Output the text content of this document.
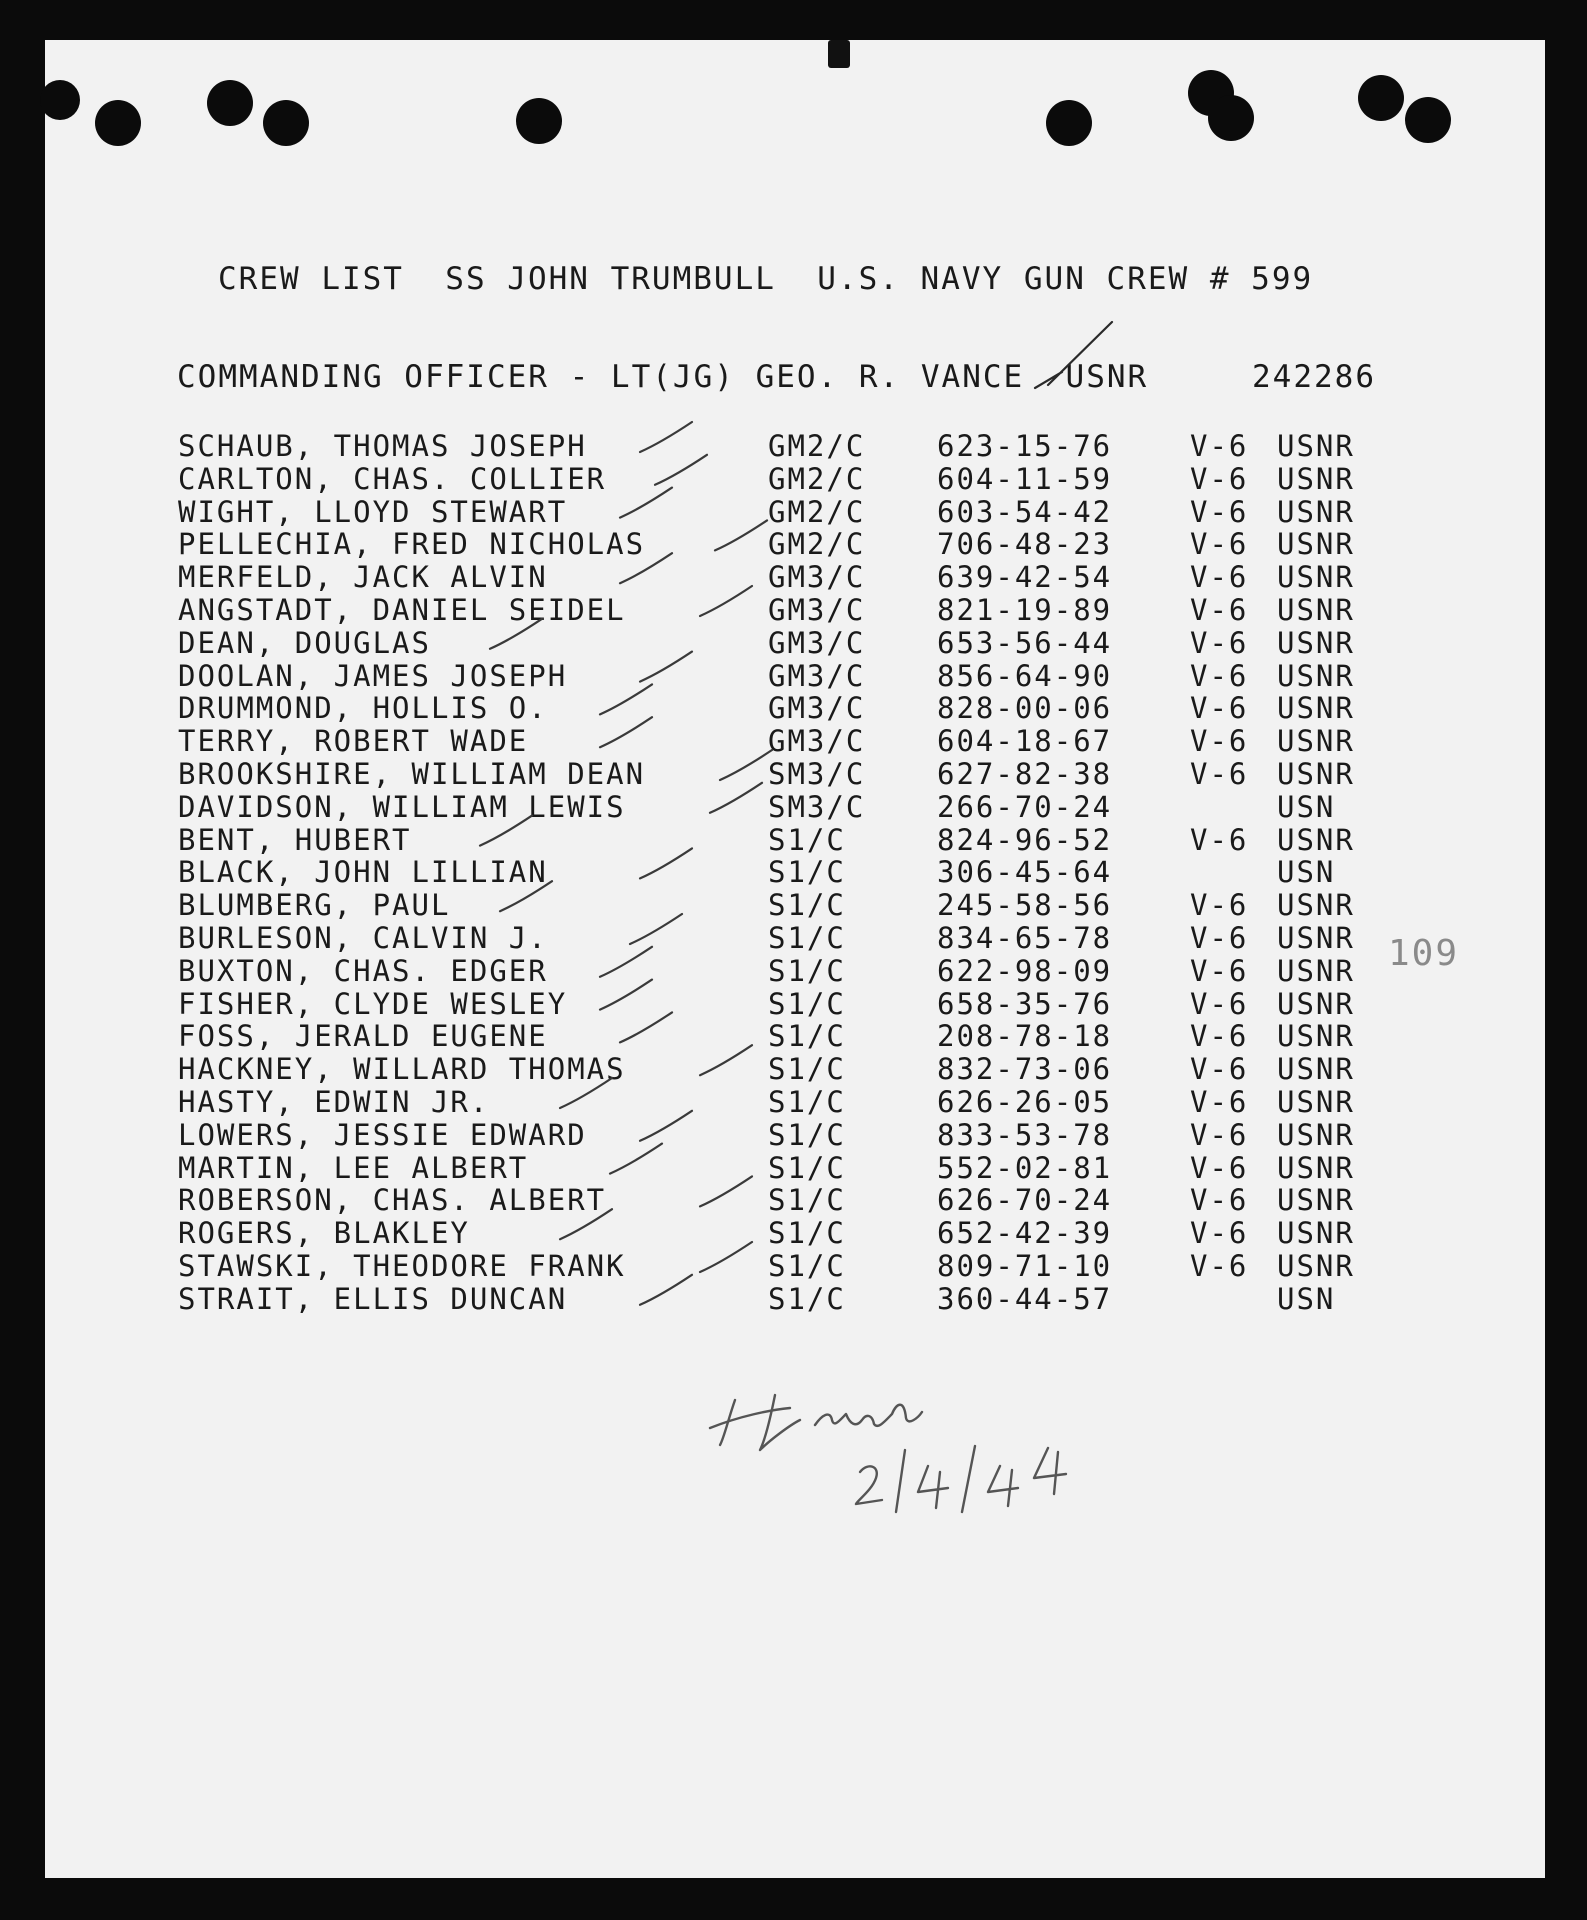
CREW LIST  SS JOHN TRUMBULL  U.S. NAVY GUN CREW # 599
COMMANDING OFFICER - LT(JG) GEO. R. VANCE  USNR	242286
SCHAUB, THOMAS JOSEPH	GM2/C 623-15-76	V-6 USNR
CARLTON, CHAS. COLLIER	GM2/C 604-11-59	V-6 USNR
WIGHT, LLOYD STEWART	GM2/C 603-54-42	V-6 USNR
PELLECHIA, FRED NICHOLAS	GM2/C 706-48-23	V-6 USNR
MERFELD, JACK ALVIN	GM3/C 639-42-54	V-6 USNR
ANGSTADT, DANIEL SEIDEL	GM3/C 821-19-89	V-6 USNR
DEAN, DOUGLAS	GM3/C 653-56-44	V-6 USNR
DOOLAN, JAMES JOSEPH	GM3/C 856-64-90	V-6 USNR
DRUMMOND, HOLLIS O.	GM3/C 828-00-06	V-6 USNR
TERRY, ROBERT WADE	GM3/C 604-18-67	V-6 USNR
BROOKSHIRE, WILLIAM DEAN	SM3/C 627-82-38	V-6 USNR
DAVIDSON, WILLIAM LEWIS	SM3/C 266-70-24	USN
BENT, HUBERT	S1/C	824-96-52	V-6 USNR
BLACK, JOHN LILLIAN	S1/C	306-45-64	USN
BLUMBERG, PAUL	S1/C	245-58-56	V-6 USNR
BURLESON, CALVIN J.	S1/C	834-65-78	V-6 USNR
BUXTON, CHAS. EDGER	S1/C	622-98-09	V-6 USNR
FISHER, CLYDE WESLEY	S1/C	658-35-76	V-6 USNR
FOSS, JERALD EUGENE	S1/C	208-78-18	V-6 USNR
HACKNEY, WILLARD THOMAS	S1/C	832-73-06	V-6 USNR
HASTY, EDWIN JR.	S1/C	626-26-05	V-6 USNR
LOWERS, JESSIE EDWARD	S1/C	833-53-78	V-6 USNR
MARTIN, LEE ALBERT	S1/C	552-02-81	V-6 USNR
ROBERSON, CHAS. ALBERT	S1/C	626-70-24	V-6 USNR
ROGERS, BLAKLEY	S1/C	652-42-39	V-6 USNR
STAWSKI, THEODORE FRANK	S1/C	809-71-10	V-6 USNR
STRAIT, ELLIS DUNCAN	S1/C	360-44-57	USN
109
